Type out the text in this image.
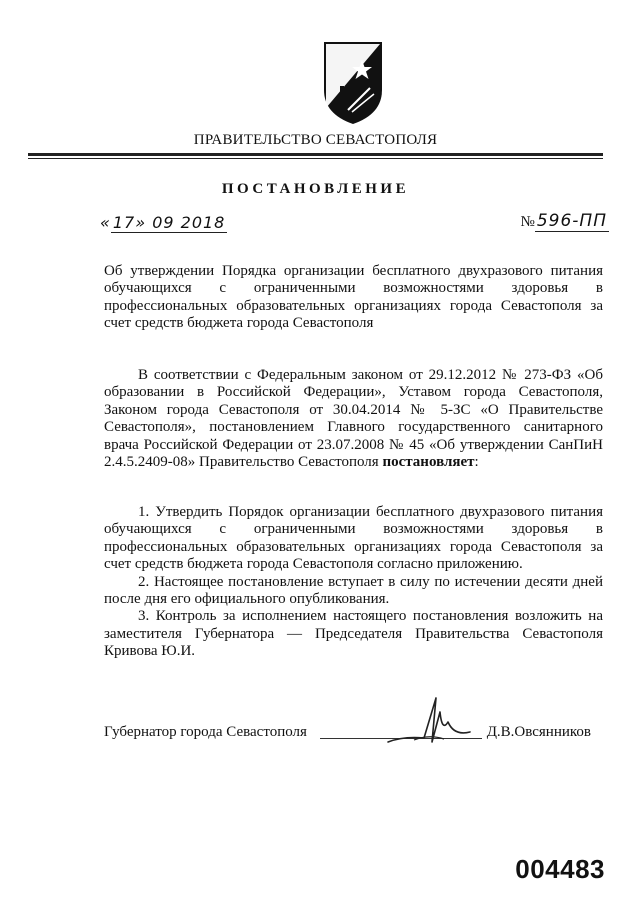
ПРАВИТЕЛЬСТВО СЕВАСТОПОЛЯ
ПОСТАНОВЛЕНИЕ
« 17» 09 2018	№ 596-ПП
Об утверждении Порядка организации бесплатного двухразового питания обучающихся с ограниченными возможностями здоровья в профессиональных образовательных организациях города Севастополя за счет средств бюджета города Севастополя
В соответствии с Федеральным законом от 29.12.2012 № 273-ФЗ «Об образовании в Российской Федерации», Уставом города Севастополя, Законом города Севастополя от 30.04.2014 № 5-ЗС «О Правительстве Севастополя», постановлением Главного государственного санитарного врача Российской Федерации от 23.07.2008 № 45 «Об утверждении СанПиН 2.4.5.2409-08» Правительство Севастополя постановляет:

1. Утвердить Порядок организации бесплатного двухразового питания обучающихся с ограниченными возможностями здоровья в профессиональных образовательных организациях города Севастополя за счет средств бюджета города Севастополя согласно приложению.

2. Настоящее постановление вступает в силу по истечении десяти дней после дня его официального опубликования.

3. Контроль за исполнением настоящего постановления возложить на заместителя Губернатора — Председателя Правительства Севастополя Кривова Ю.И.

Губернатор города Севастополя	Д.В.Овсянников
004483
